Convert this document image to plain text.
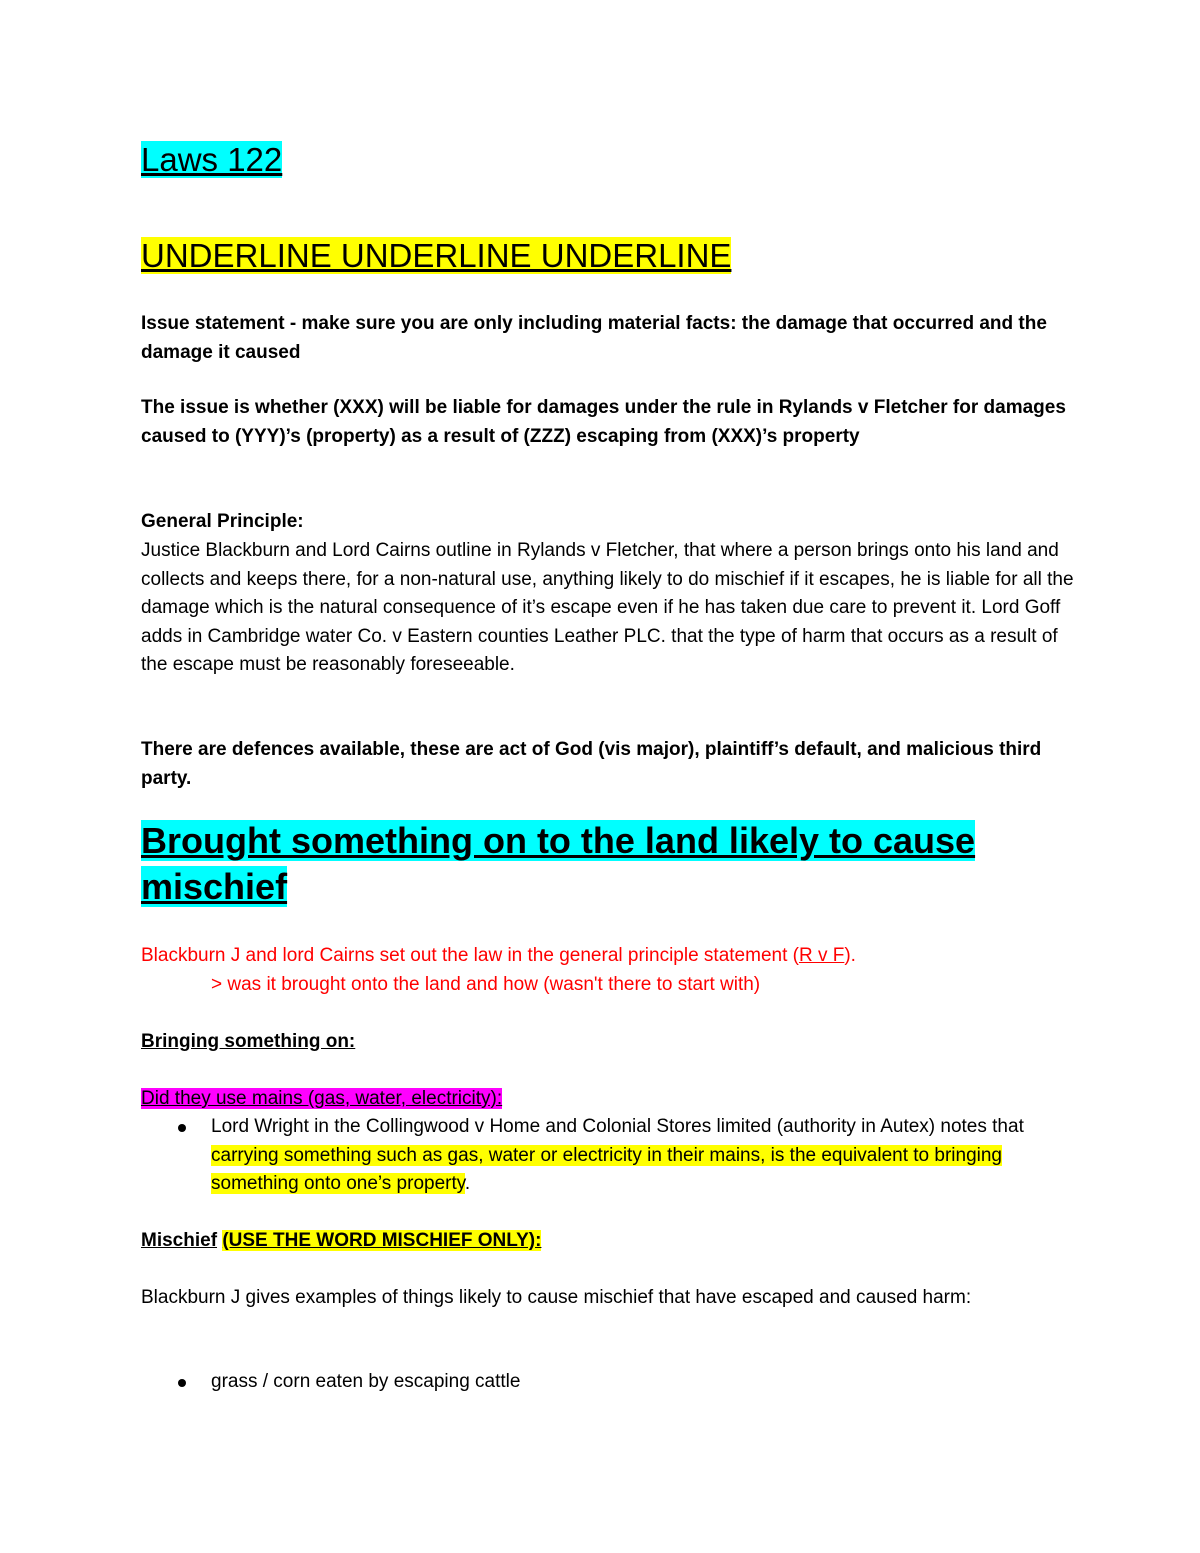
Laws 122

UNDERLINE UNDERLINE UNDERLINE

Issue statement - make sure you are only including material facts: the damage that occurred and the damage it caused

The issue is whether (XXX) will be liable for damages under the rule in Rylands v Fletcher for damages caused to (YYY)’s (property) as a result of (ZZZ) escaping from (XXX)’s property

General Principle:

Justice Blackburn and Lord Cairns outline in Rylands v Fletcher, that where a person brings onto his land and collects and keeps there, for a non-natural use, anything likely to do mischief if it escapes, he is liable for all the damage which is the natural consequence of it’s escape even if he has taken due care to prevent it. Lord Goff adds in Cambridge water Co. v Eastern counties Leather PLC. that the type of harm that occurs as a result of the escape must be reasonably foreseeable.

There are defences available, these are act of God (vis major), plaintiff’s default, and malicious third party.

Brought something on to the land likely to cause mischief

Blackburn J and lord Cairns set out the law in the general principle statement (R v F).
> was it brought onto the land and how (wasn't there to start with)

Bringing something on:

Did they use mains (gas, water, electricity):

Lord Wright in the Collingwood v Home and Colonial Stores limited (authority in Autex) notes that carrying something such as gas, water or electricity in their mains, is the equivalent to bringing something onto one’s property.

Mischief (USE THE WORD MISCHIEF ONLY):

Blackburn J gives examples of things likely to cause mischief that have escaped and caused harm:

grass / corn eaten by escaping cattle
